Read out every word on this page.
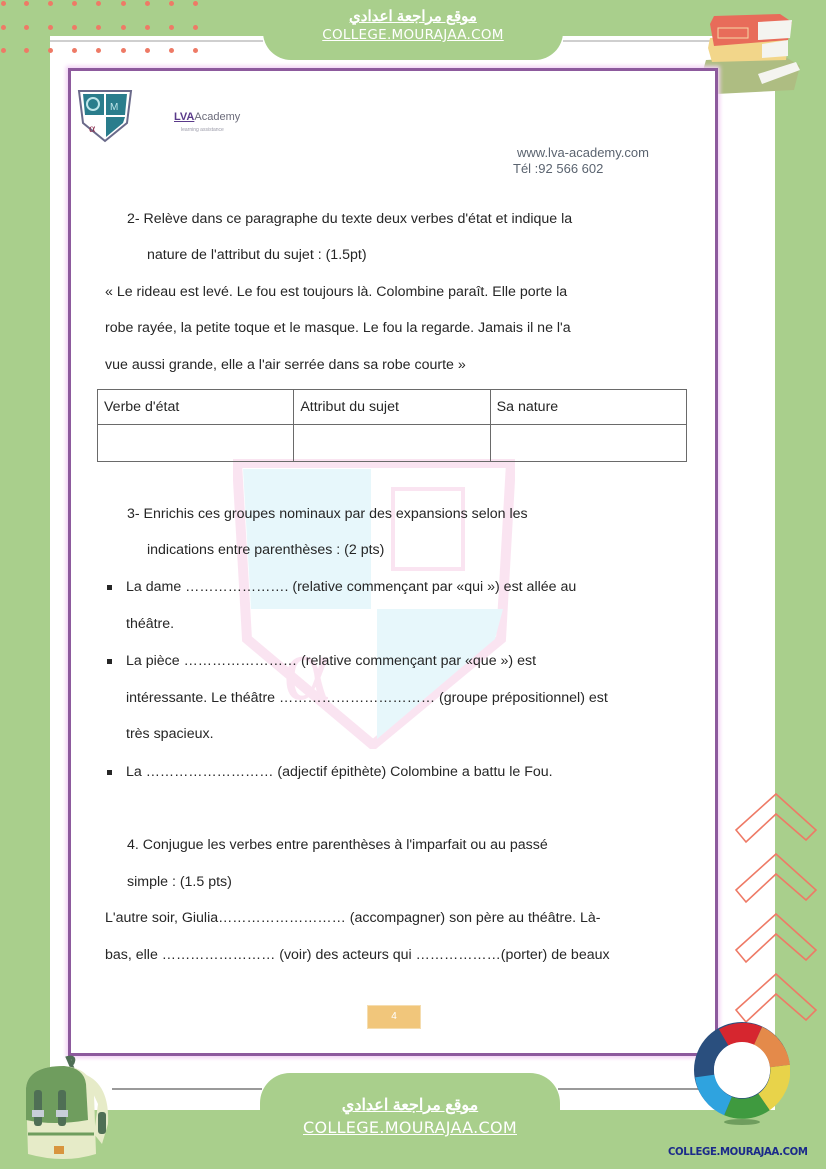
موقع مراجعة اعدادي
COLLEGE.MOURAJAA.COM
M
α
LVAAcademy
learning assistance
www.lva-academy.com
Tél :92 566 602
α
2- Relève dans ce paragraphe du texte deux verbes d'état et indique la
nature de l'attribut du sujet : (1.5pt)
« Le rideau est levé. Le fou est toujours là. Colombine paraît. Elle porte la
robe rayée, la petite toque et le masque. Le fou la regarde. Jamais il ne l'a
vue aussi grande, elle a l'air serrée dans sa robe courte »
3- Enrichis ces groupes nominaux par des expansions selon les
indications entre parenthèses : (2 pts)
La dame …………………. (relative commençant par «qui ») est allée au
théâtre.
La pièce …………………… (relative commençant par «que ») est
intéressante. Le théâtre …………………………… (groupe prépositionnel) est
très spacieux.
La ……………………… (adjectif épithète) Colombine a battu le Fou.
4. Conjugue les verbes entre parenthèses à l'imparfait ou au passé
simple : (1.5 pts)
L'autre soir, Giulia……………………… (accompagner) son père au théâtre. Là-
bas, elle …………………… (voir) des acteurs qui ………………(porter) de beaux
Verbe d'état	Attribut du sujet	Sa nature

4
موقع مراجعة اعدادي
COLLEGE.MOURAJAA.COM
COLLEGE.MOURAJAA.COM
